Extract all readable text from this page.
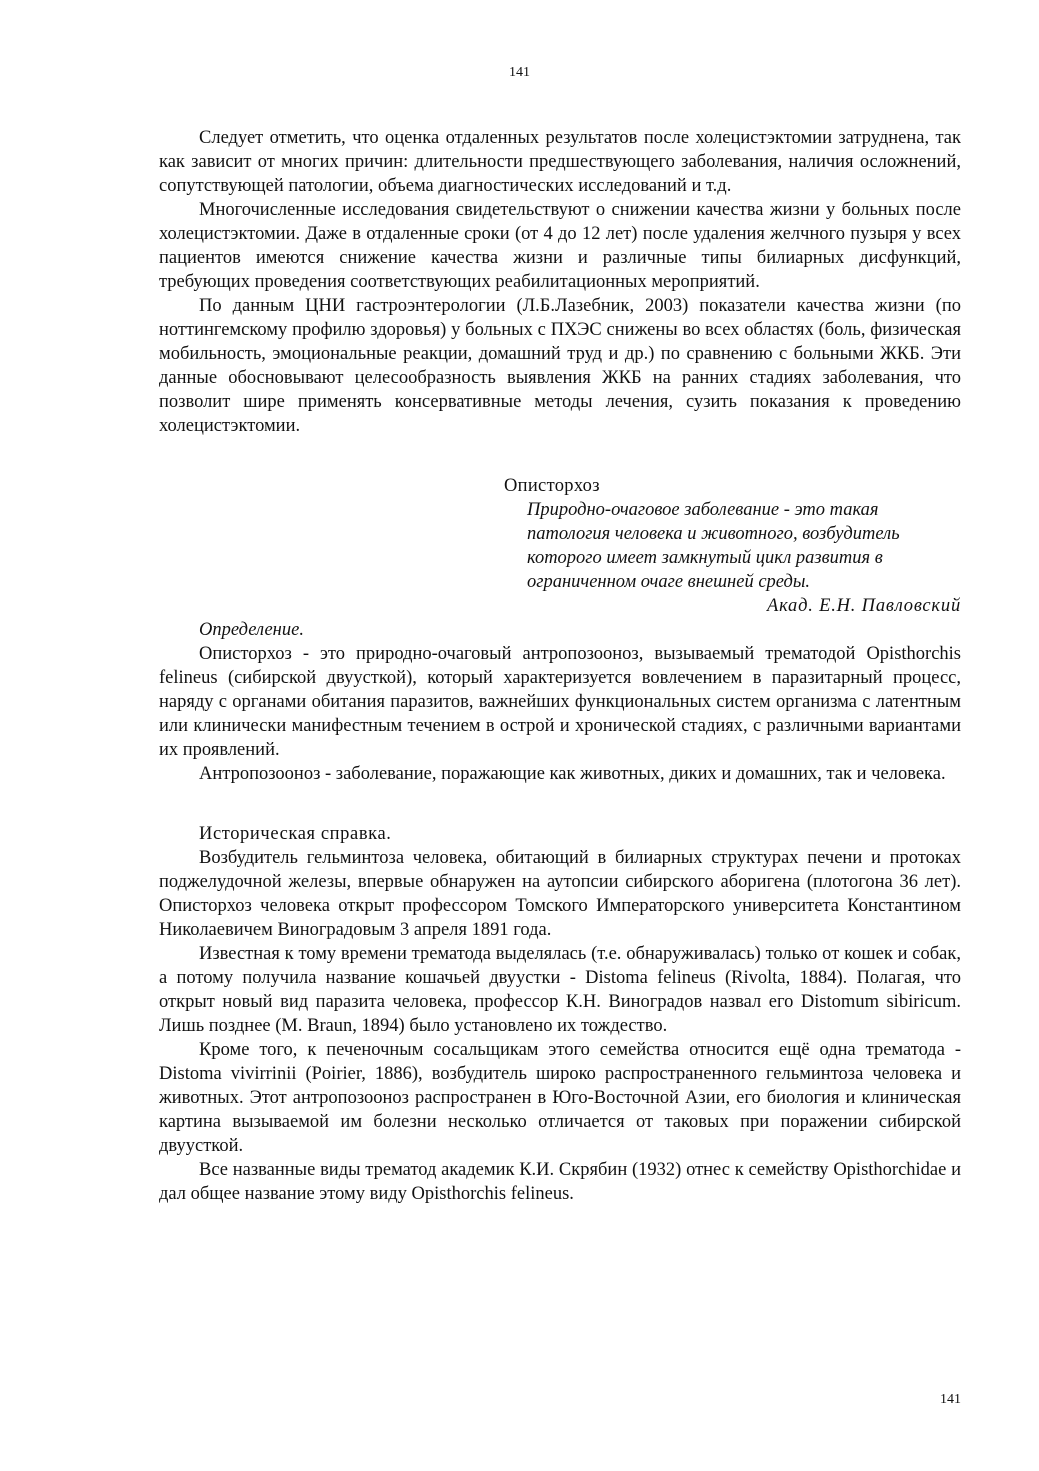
141

Следует отметить, что оценка отдаленных результатов после холецистэктомии затруднена, так как зависит от многих причин: длительности предшествующего заболевания, наличия осложнений, сопутствующей патологии, объема диагностических исследований и т.д.

Многочисленные исследования свидетельствуют о снижении качества жизни у больных после холецистэктомии. Даже в отдаленные сроки (от 4 до 12 лет) после удаления желчного пузыря у всех пациентов имеются снижение качества жизни и различные типы билиарных дисфункций, требующих проведения соответствующих реабилитационных мероприятий.

По данным ЦНИ гастроэнтерологии (Л.Б.Лазебник, 2003) показатели качества жизни (по ноттингемскому профилю здоровья) у больных с ПХЭС снижены во всех областях (боль, физическая мобильность, эмоциональные реакции, домашний труд и др.) по сравнению с больными ЖКБ. Эти данные обосновывают целесообразность выявления ЖКБ на ранних стадиях заболевания, что позволит шире применять консервативные методы лечения, сузить показания к проведению холецистэктомии.

Описторхоз

Природно-очаговое заболевание - это такая

патология человека и животного, возбудитель

которого имеет замкнутый цикл развития в

ограниченном очаге внешней среды.

Акад. Е.Н. Павловский

Определение.

Описторхоз - это природно-очаговый антропозооноз, вызываемый трематодой Opisthorchis felineus (сибирской двуусткой), который характеризуется вовлечением в паразитарный процесс, наряду с органами обитания паразитов, важнейших функциональных систем организма с латентным или клинически манифестным течением в острой и хронической стадиях, с различными вариантами их проявлений.

Антропозооноз - заболевание, поражающие как животных, диких и домашних, так и человека.

Историческая справка.

Возбудитель гельминтоза человека, обитающий в билиарных структурах печени и протоках поджелудочной железы, впервые обнаружен на аутопсии сибирского аборигена (плотогона 36 лет). Описторхоз человека открыт профессором Томского Императорского университета Константином Николаевичем Виноградовым 3 апреля 1891 года.

Известная к тому времени трематода выделялась (т.е. обнаруживалась) только от кошек и собак, а потому получила название кошачьей двуустки - Distoma felineus (Rivolta, 1884). Полагая, что открыт новый вид паразита человека, профессор К.Н. Виноградов назвал его Distomum sibiricum. Лишь позднее (M. Braun, 1894) было установлено их тождество.

Кроме того, к печеночным сосальщикам этого семейства относится ещё одна трематода - Distoma vivirrinii (Poirier, 1886), возбудитель широко распространенного гельминтоза человека и животных. Этот антропозооноз распространен в Юго-Восточной Азии, его биология и клиническая картина вызываемой им болезни несколько отличается от таковых при поражении сибирской двуусткой.

Все названные виды трематод академик К.И. Скрябин (1932) отнес к семейству Opisthorchidae и дал общее название этому виду Opisthorchis felineus.

141
